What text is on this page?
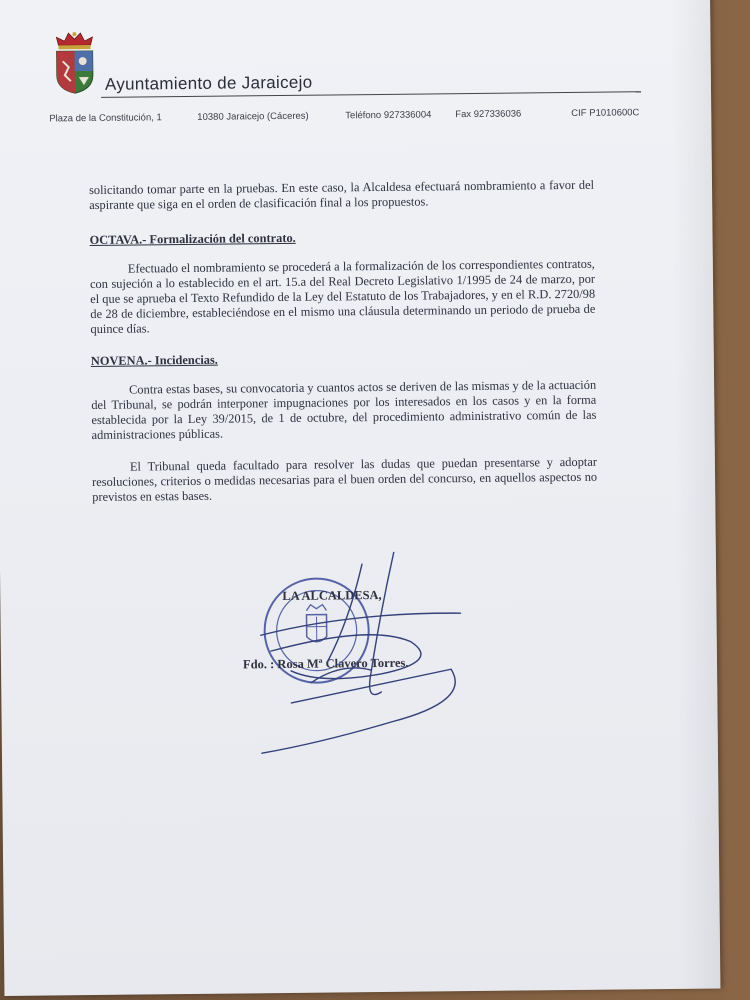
Ayuntamiento de Jaraicejo
Plaza de la Constitución, 1	10380 Jaraicejo (Cáceres)	Teléfono 927336004	Fax 927336036	CIF P1010600C

solicitando tomar parte en la pruebas. En este caso, la Alcaldesa efectuará nombramiento a favor del aspirante que siga en el orden de clasificación final a los propuestos.

OCTAVA.- Formalización del contrato.

Efectuado el nombramiento se procederá a la formalización de los correspondientes contratos, con sujeción a lo establecido en el art. 15.a del Real Decreto Legislativo 1/1995 de 24 de marzo, por el que se aprueba el Texto Refundido de la Ley del Estatuto de los Trabajadores, y en el R.D. 2720/98 de 28 de diciembre, estableciéndose en el mismo una cláusula determinando un periodo de prueba de quince días.

NOVENA.- Incidencias.

Contra estas bases, su convocatoria y cuantos actos se deriven de las mismas y de la actuación del Tribunal, se podrán interponer impugnaciones por los interesados en los casos y en la forma establecida por la Ley 39/2015, de 1 de octubre, del procedimiento administrativo común de las administraciones públicas.

El Tribunal queda facultado para resolver las dudas que puedan presentarse y adoptar resoluciones, criterios o medidas necesarias para el buen orden del concurso, en aquellos aspectos no previstos en estas bases.

LA ALCALDESA,
Fdo. : Rosa Mª Clavero Torres.
